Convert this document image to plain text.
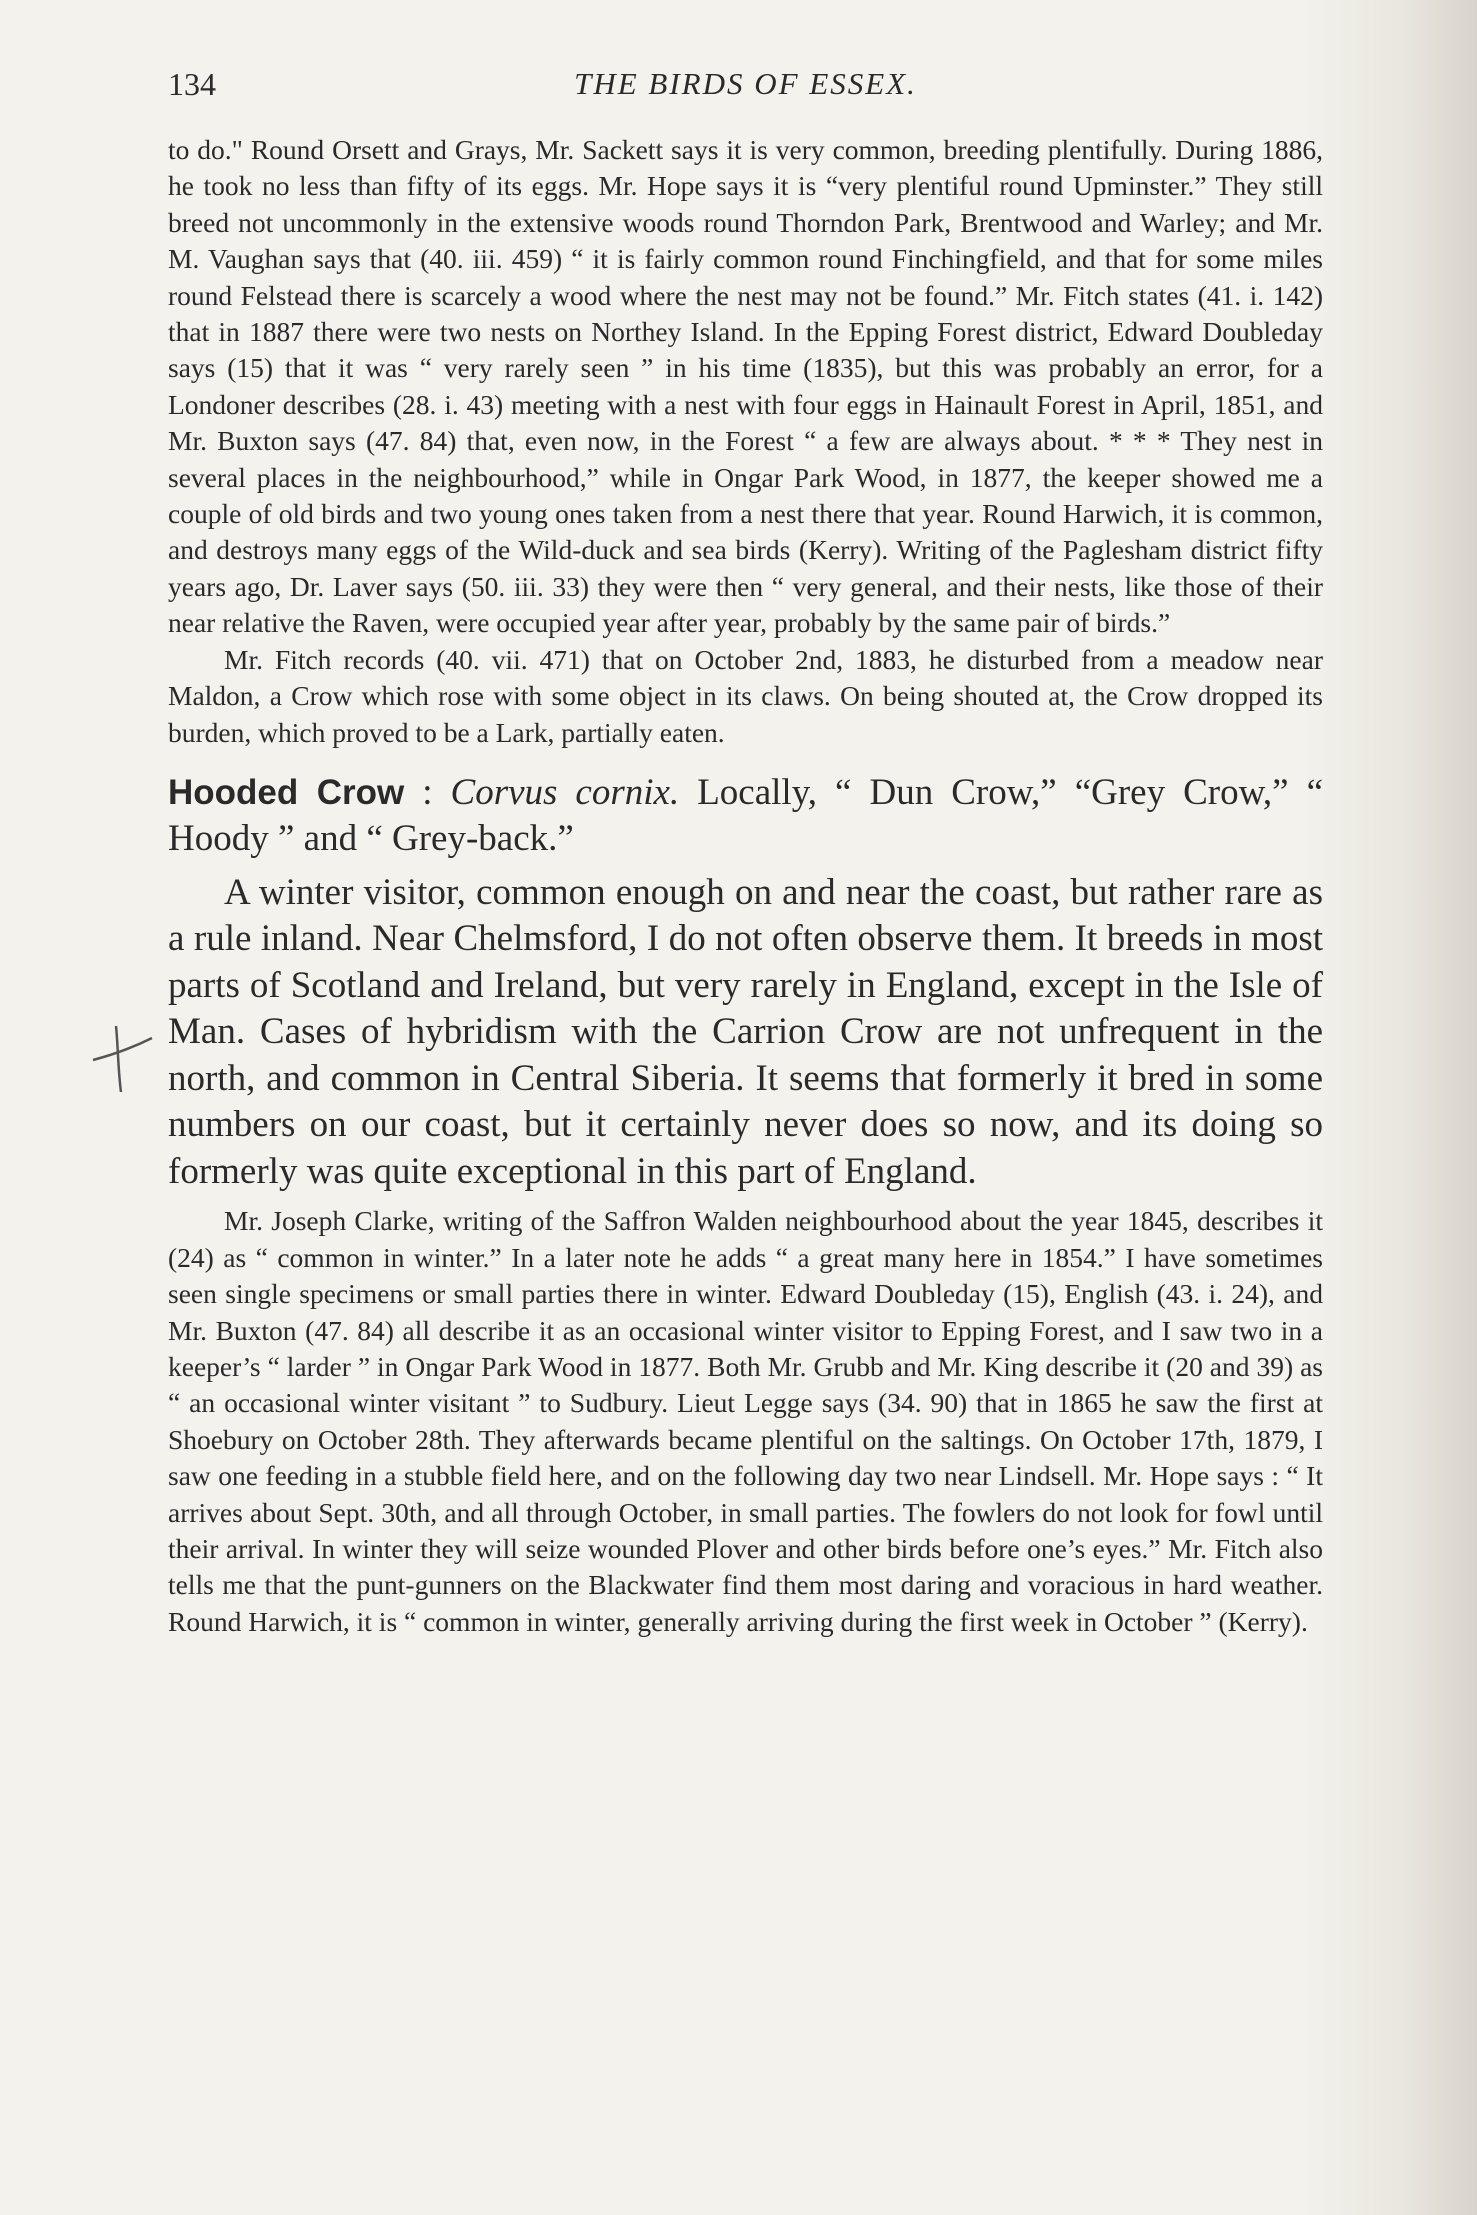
134	THE BIRDS OF ESSEX.

to do." Round Orsett and Grays, Mr. Sackett says it is very common, breeding plentifully. During 1886, he took no less than fifty of its eggs. Mr. Hope says it is “very plentiful round Upminster.” They still breed not uncommonly in the extensive woods round Thorndon Park, Brentwood and Warley; and Mr. M. Vaughan says that (40. iii. 459) “ it is fairly common round Finchingfield, and that for some miles round Felstead there is scarcely a wood where the nest may not be found.” Mr. Fitch states (41. i. 142) that in 1887 there were two nests on Northey Island. In the Epping Forest district, Edward Doubleday says (15) that it was “ very rarely seen ” in his time (1835), but this was probably an error, for a Londoner describes (28. i. 43) meeting with a nest with four eggs in Hainault Forest in April, 1851, and Mr. Buxton says (47. 84) that, even now, in the Forest “ a few are always about. * * * They nest in several places in the neighbourhood,” while in Ongar Park Wood, in 1877, the keeper showed me a couple of old birds and two young ones taken from a nest there that year. Round Harwich, it is common, and destroys many eggs of the Wild-duck and sea birds (Kerry). Writing of the Paglesham district fifty years ago, Dr. Laver says (50. iii. 33) they were then “ very general, and their nests, like those of their near relative the Raven, were occupied year after year, probably by the same pair of birds.”

Mr. Fitch records (40. vii. 471) that on October 2nd, 1883, he disturbed from a meadow near Maldon, a Crow which rose with some object in its claws. On being shouted at, the Crow dropped its burden, which proved to be a Lark, partially eaten.

Hooded Crow : Corvus cornix. Locally, “ Dun Crow,” “Grey Crow,” “ Hoody ” and “ Grey-back.”

A winter visitor, common enough on and near the coast, but rather rare as a rule inland. Near Chelmsford, I do not often observe them. It breeds in most parts of Scotland and Ireland, but very rarely in England, except in the Isle of Man. Cases of hybridism with the Carrion Crow are not unfrequent in the north, and common in Central Siberia. It seems that formerly it bred in some numbers on our coast, but it certainly never does so now, and its doing so formerly was quite exceptional in this part of England.

Mr. Joseph Clarke, writing of the Saffron Walden neighbourhood about the year 1845, describes it (24) as “ common in winter.” In a later note he adds “ a great many here in 1854.” I have sometimes seen single specimens or small parties there in winter. Edward Doubleday (15), English (43. i. 24), and Mr. Buxton (47. 84) all describe it as an occasional winter visitor to Epping Forest, and I saw two in a keeper’s “ larder ” in Ongar Park Wood in 1877. Both Mr. Grubb and Mr. King describe it (20 and 39) as “ an occasional winter visitant ” to Sudbury. Lieut Legge says (34. 90) that in 1865 he saw the first at Shoebury on October 28th. They afterwards became plentiful on the saltings. On October 17th, 1879, I saw one feeding in a stubble field here, and on the following day two near Lindsell. Mr. Hope says : “ It arrives about Sept. 30th, and all through October, in small parties. The fowlers do not look for fowl until their arrival. In winter they will seize wounded Plover and other birds before one’s eyes.” Mr. Fitch also tells me that the punt-gunners on the Blackwater find them most daring and voracious in hard weather. Round Harwich, it is “ common in winter, generally arriving during the first week in October ” (Kerry).
